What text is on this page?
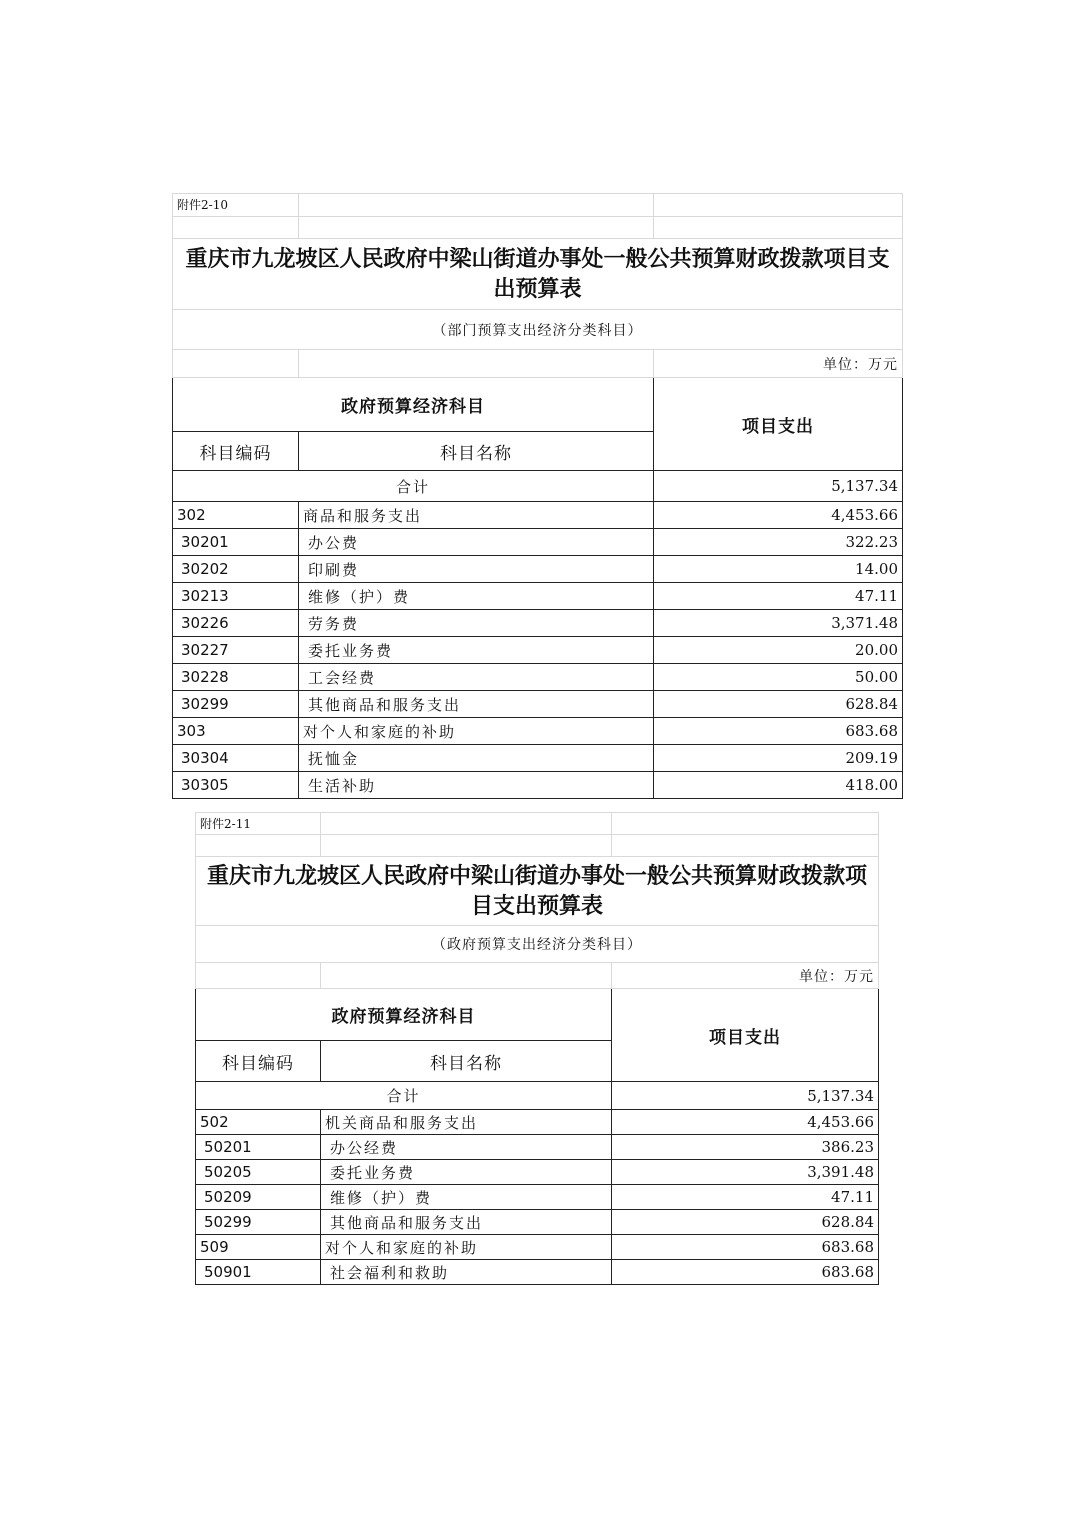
附件2-10		

重庆市九龙坡区人民政府中梁山街道办事处一般公共预算财政拨款项目支出预算表		
（部门预算支出经济分类科目）		
		单位：万元
政府预算经济科目		项目支出
科目编码	科目名称	
合计		5,137.34
302	商品和服务支出	4,453.66
30201	办公费	322.23
30202	印刷费	14.00
30213	维修（护）费	47.11
30226	劳务费	3,371.48
30227	委托业务费	20.00
30228	工会经费	50.00
30299	其他商品和服务支出	628.84
303	对个人和家庭的补助	683.68
30304	抚恤金	209.19
30305	生活补助	418.00
附件2-11		

重庆市九龙坡区人民政府中梁山街道办事处一般公共预算财政拨款项目支出预算表		
（政府预算支出经济分类科目）		
		单位：万元
政府预算经济科目		项目支出
科目编码	科目名称	
合计		5,137.34
502	机关商品和服务支出	4,453.66
50201	办公经费	386.23
50205	委托业务费	3,391.48
50209	维修（护）费	47.11
50299	其他商品和服务支出	628.84
509	对个人和家庭的补助	683.68
50901	社会福利和救助	683.68
